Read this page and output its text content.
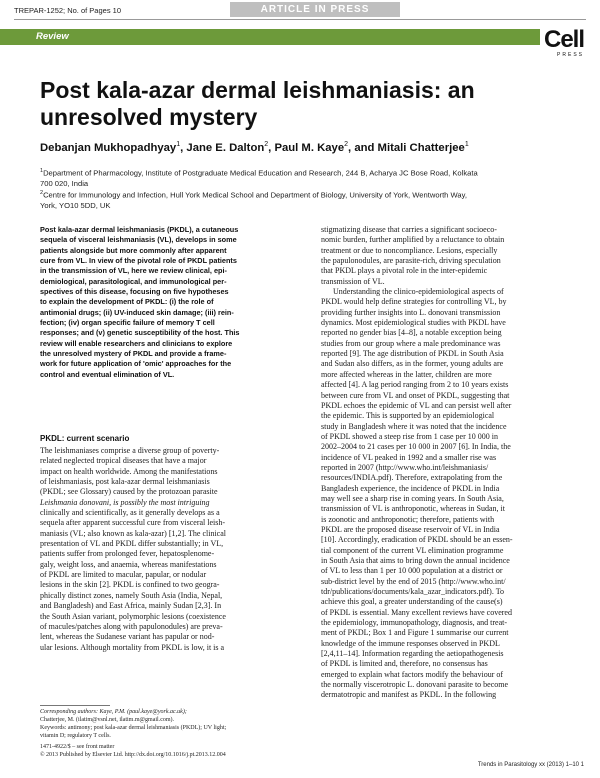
TREPAR-1252; No. of Pages 10	ARTICLE IN PRESS
Review	Cell
PRESS
Post kala-azar dermal leishmaniasis: an
unresolved mystery
Debanjan Mukhopadhyay$^1$, Jane E. Dalton$^2$, Paul M. Kaye$^2$, and Mitali Chatterjee$^1$
$^1$Department of Pharmacology, Institute of Postgraduate Medical Education and Research, 244 B, Acharya JC Bose Road, Kolkata
700 020, India
$^2$Centre for Immunology and Infection, Hull York Medical School and Department of Biology, University of York, Wentworth Way,
York, YO10 5DD, UK
Post kala-azar dermal leishmaniasis (PKDL), a cutaneous
sequela of visceral leishmaniasis (VL), develops in some
patients alongside but more commonly after apparent
cure from VL. In view of the pivotal role of PKDL patients
in the transmission of VL, here we review clinical, epi-
demiological, parasitological, and immunological per-
spectives of this disease, focusing on five hypotheses
to explain the development of PKDL: (i) the role of
antimonial drugs; (ii) UV-induced skin damage; (iii) rein-
fection; (iv) organ specific failure of memory T cell
responses; and (v) genetic susceptibility of the host. This
review will enable researchers and clinicians to explore
the unresolved mystery of PKDL and provide a frame-
work for future application of 'omic' approaches for the
control and eventual elimination of VL.
PKDL: current scenario
The leishmaniases comprise a diverse group of poverty-
related neglected tropical diseases that have a major
impact on health worldwide. Among the manifestations
of leishmaniasis, post kala-azar dermal leishmaniasis
(PKDL; see Glossary) caused by the protozoan parasite
Leishmania donovani, is possibly the most intriguing
clinically and scientifically, as it generally develops as a
sequela after apparent successful cure from visceral leish-
maniasis (VL; also known as kala-azar) [1,2]. The clinical
presentation of VL and PKDL differ substantially; in VL,
patients suffer from prolonged fever, hepatosplenome-
galy, weight loss, and anaemia, whereas manifestations
of PKDL are limited to macular, papular, or nodular
lesions in the skin [2]. PKDL is confined to two geogra-
phically distinct zones, namely South Asia (India, Nepal,
and Bangladesh) and East Africa, mainly Sudan [2,3]. In
the South Asian variant, polymorphic lesions (coexistence
of macules/patches along with papulonodules) are preva-
lent, whereas the Sudanese variant has papular or nod-
ular lesions. Although mortality from PKDL is low, it is a
stigmatizing disease that carries a significant socioeco-
nomic burden, further amplified by a reluctance to obtain
treatment or due to noncompliance. Lesions, especially
the papulonodules, are parasite-rich, driving speculation
that PKDL plays a pivotal role in the inter-epidemic
transmission of VL.
Understanding the clinico-epidemiological aspects of
PKDL would help define strategies for controlling VL, by
providing further insights into L. donovani transmission
dynamics. Most epidemiological studies with PKDL have
reported no gender bias [4–8], a notable exception being
studies from our group where a male predominance was
reported [9]. The age distribution of PKDL in South Asia
and Sudan also differs, as in the former, young adults are
more affected whereas in the latter, children are more
affected [4]. A lag period ranging from 2 to 10 years exists
between cure from VL and onset of PKDL, suggesting that
PKDL echoes the epidemic of VL and can persist well after
the epidemic. This is supported by an epidemiological
study in Bangladesh where it was noted that the incidence
of PKDL showed a steep rise from 1 case per 10 000 in
2002–2004 to 21 cases per 10 000 in 2007 [6]. In India, the
incidence of VL peaked in 1992 and a smaller rise was
reported in 2007 (http://www.who.int/leishmaniasis/
resources/INDIA.pdf). Therefore, extrapolating from the
Bangladesh experience, the incidence of PKDL in India
may well see a sharp rise in coming years. In South Asia,
transmission of VL is anthroponotic, whereas in Sudan, it
is zoonotic and anthroponotic; therefore, patients with
PKDL are the proposed disease reservoir of VL in India
[10]. Accordingly, eradication of PKDL should be an essen-
tial component of the current VL elimination programme
in South Asia that aims to bring down the annual incidence
of VL to less than 1 per 10 000 population at a district or
sub-district level by the end of 2015 (http://www.who.int/
tdr/publications/documents/kala_azar_indicators.pdf). To
achieve this goal, a greater understanding of the cause(s)
of PKDL is essential. Many excellent reviews have covered
the epidemiology, immunopathology, diagnosis, and treat-
ment of PKDL; Box 1 and Figure 1 summarise our current
knowledge of the immune responses observed in PKDL
[2,4,11–14]. Information regarding the aetiopathogenesis
of PKDL is limited and, therefore, no consensus has
emerged to explain what factors modify the behaviour of
the normally viscerotropic L. donovani parasite to become
dermatotropic and manifest as PKDL. In the following
Corresponding authors: Kaye, P.M. (paul.kaye@york.ac.uk);
Chatterjee, M. (ilatim@vsnl.net, ilatim.m@gmail.com).
Keywords: antimony; post kala-azar dermal leishmaniasis (PKDL); UV light;
vitamin D; regulatory T cells.
1471-4922/$ – see front matter
© 2013 Published by Elsevier Ltd. http://dx.doi.org/10.1016/j.pt.2013.12.004
Trends in Parasitology xx (2013) 1–10 1
